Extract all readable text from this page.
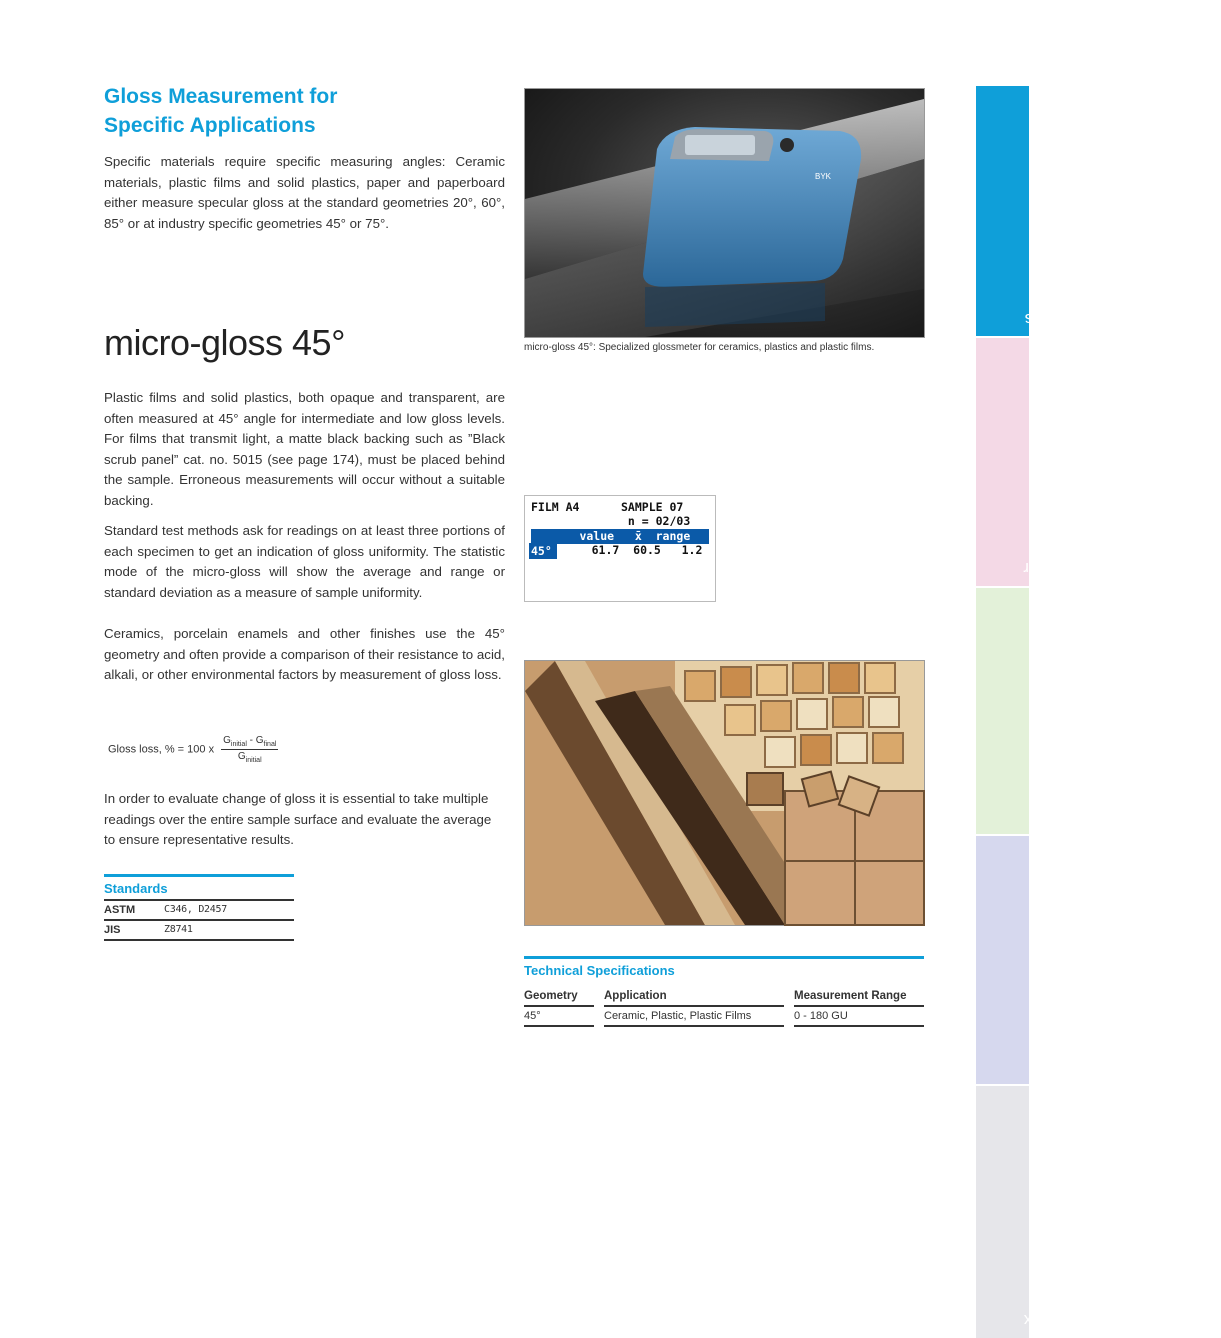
Gloss Measurement for
Specific Applications

Specific materials require specific measuring angles: Ceramic materials, plastic films and solid plastics, paper and paperboard either measure specular gloss at the standard geometries 20°, 60°, 85° or at industry specific geometries 45° or 75°.

BYK
micro-gloss 45°: Specialized glossmeter for ceramics, plastics and plastic films.
micro-gloss 45°

Plastic films and solid plastics, both opaque and transparent, are often measured at 45° angle for intermediate and low gloss levels. For films that transmit light, a matte black backing such as ”Black scrub panel” cat. no. 5015 (see page 174), must be placed behind the sample. Erroneous measurements will occur without a suitable backing.

Standard test methods ask for readings on at least three portions of each specimen to get an indication of gloss uniformity. The statistic mode of the micro-gloss will show the average and range or standard deviation as a measure of sample uniformity.

Ceramics, porcelain enamels and other finishes use the 45° geometry and often provide a comparison of their resistance to acid, alkali, or other environmental factors by measurement of gloss loss.

Gloss loss, % = 100 x $\frac{G_{initial} - G_{final}}{G_{initial}}$

In order to evaluate change of gloss it is essential to take multiple readings over the entire sample surface and evaluate the average to ensure representative results.

FILM A4      SAMPLE 07
n = 02/03
value   x̄  range
45° 61.7  60.5   1.2
Standards
ASTM	C346, D2457
JIS	Z8741
Technical Specifications
Geometry	Application	Measurement Range
45°	Ceramic, Plastic, Plastic Films	0 - 180 GU
Gloss
Color
Physical Properties
Technical Service
Index
